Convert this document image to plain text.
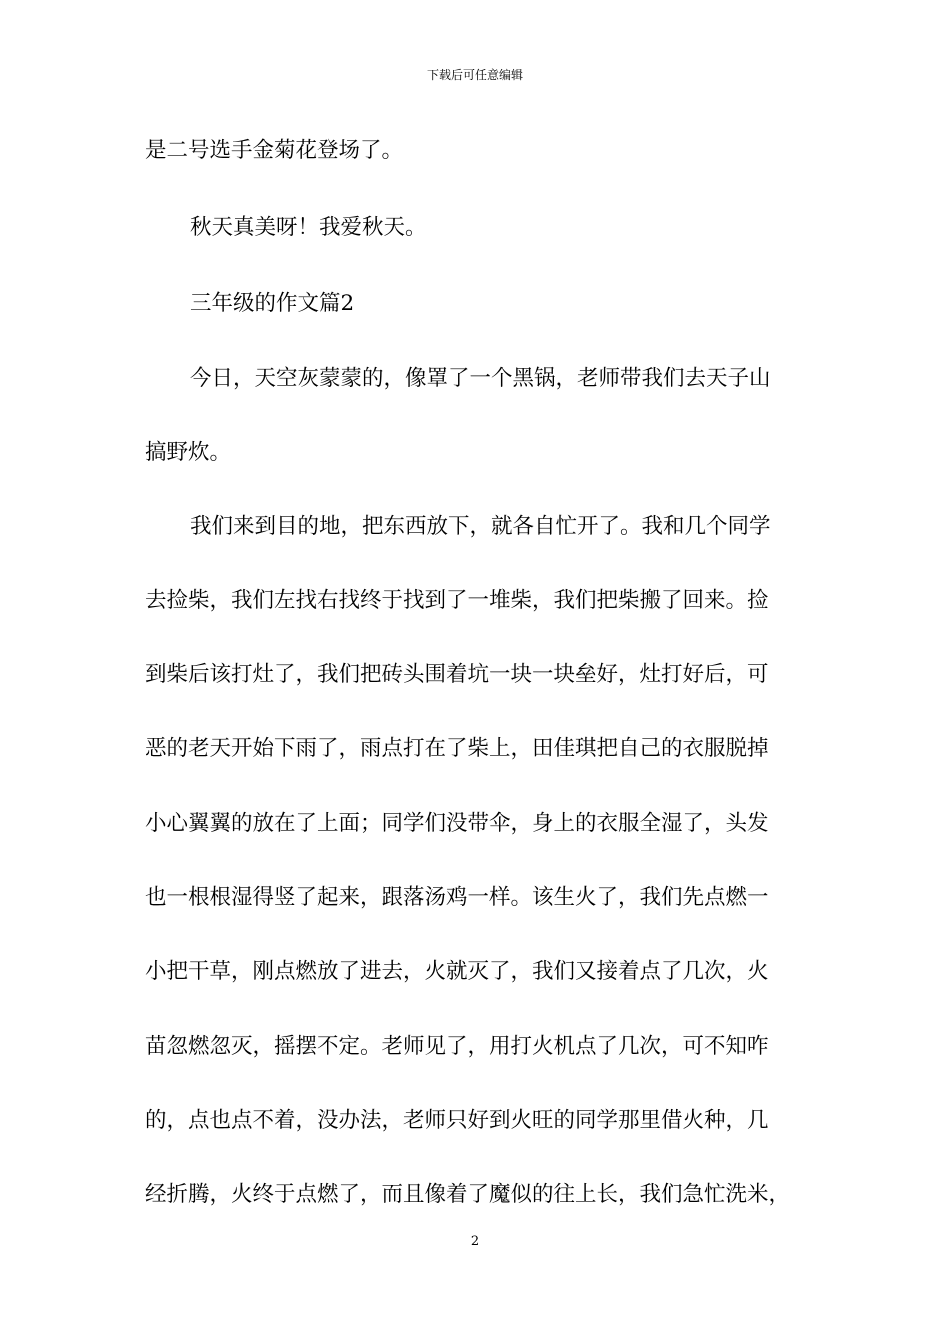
下载后可任意编辑
是二号选手金菊花登场了。
秋天真美呀！我爱秋天。
三年级的作文篇2
今日，天空灰蒙蒙的，像罩了一个黑锅，老师带我们去天子山
搞野炊。
我们来到目的地，把东西放下，就各自忙开了。我和几个同学
去捡柴，我们左找右找终于找到了一堆柴，我们把柴搬了回来。捡
到柴后该打灶了，我们把砖头围着坑一块一块垒好，灶打好后，可
恶的老天开始下雨了，雨点打在了柴上，田佳琪把自己的衣服脱掉
小心翼翼的放在了上面；同学们没带伞，身上的衣服全湿了，头发
也一根根湿得竖了起来，跟落汤鸡一样。该生火了，我们先点燃一
小把干草，刚点燃放了进去，火就灭了，我们又接着点了几次，火
苗忽燃忽灭，摇摆不定。老师见了，用打火机点了几次，可不知咋
的，点也点不着，没办法，老师只好到火旺的同学那里借火种，几
经折腾，火终于点燃了，而且像着了魔似的往上长，我们急忙洗米，
2
